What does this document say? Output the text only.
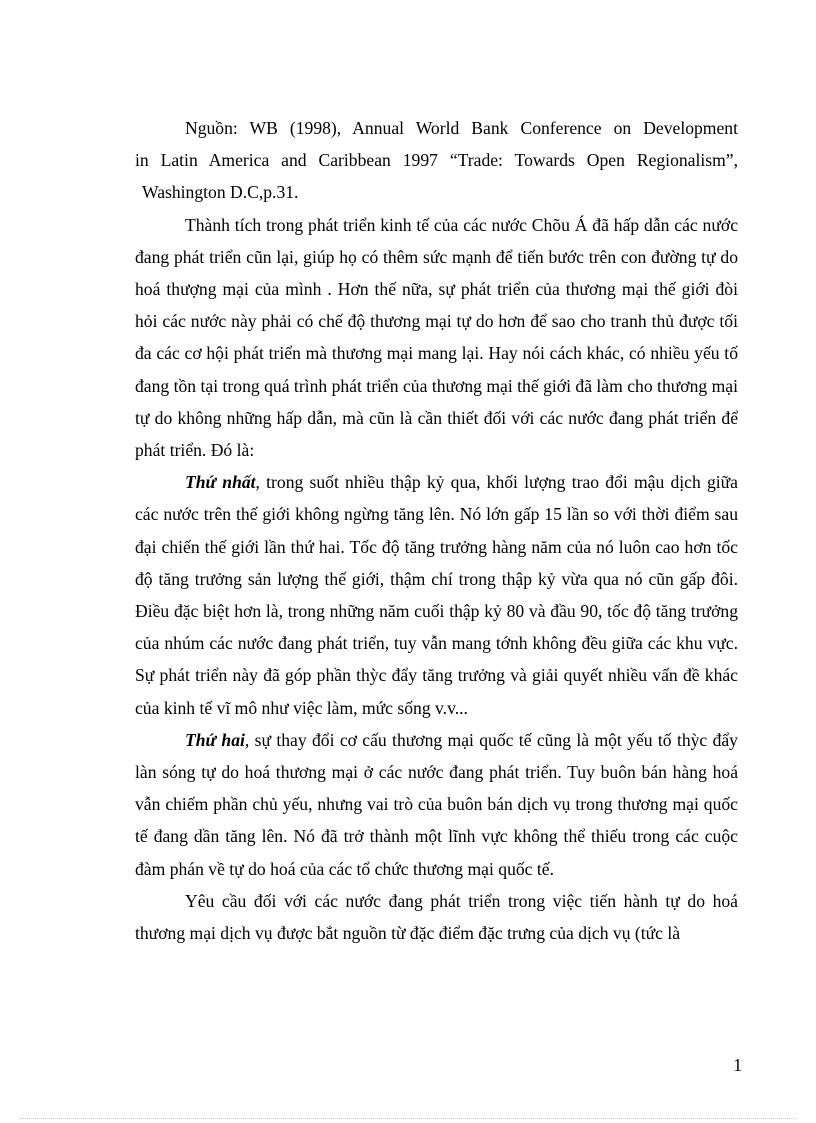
Nguồn: WB (1998), Annual World Bank Conference on Development
in Latin America and Caribbean 1997 “Trade: Towards Open Regionalism”,
Washington D.C,p.31.

Thành tích trong phát triển kinh tế của các nước Chõu Á đã hấp dẫn các nước đang phát triển cũn lại, giúp họ có thêm sức mạnh để tiến bước trên con đường tự do hoá thượng mại của mình . Hơn thế nữa, sự phát triển của thương mại thế giới đòi hỏi các nước này phải có chế độ thương mại tự do hơn để sao cho tranh thủ được tối đa các cơ hội phát triển mà thương mại mang lại. Hay nói cách khác, có nhiều yếu tố đang tồn tại trong quá trình phát triển của thương mại thế giới đã làm cho thương mại tự do không những hấp dẫn, mà cũn là cần thiết đối với các nước đang phát triển để phát triển. Đó là:

Thứ nhất, trong suốt nhiều thập kỷ qua, khối lượng trao đổi mậu dịch giữa các nước trên thế giới không ngừng tăng lên. Nó lớn gấp 15 lần so với thời điểm sau đại chiến thế giới lần thứ hai. Tốc độ tăng trưởng hàng năm của nó luôn cao hơn tốc độ tăng trưởng sản lượng thế giới, thậm chí trong thập kỷ vừa qua nó cũn gấp đôi. Điều đặc biệt hơn là, trong những năm cuối thập kỷ 80 và đầu 90, tốc độ tăng trưởng của nhúm các nước đang phát triển, tuy vẫn mang tớnh không đều giữa các khu vực. Sự phát triển này đã góp phần thỳc đẩy tăng trưởng và giải quyết nhiều vấn đề khác của kinh tế vĩ mô như việc làm, mức sống v.v...

Thứ hai, sự thay đổi cơ cấu thương mại quốc tế cũng là một yếu tố thỳc đẩy làn sóng tự do hoá thương mại ở các nước đang phát triển. Tuy buôn bán hàng hoá vẫn chiếm phần chủ yếu, nhưng vai trò của buôn bán dịch vụ trong thương mại quốc tế đang dần tăng lên. Nó đã trở thành một lĩnh vực không thể thiếu trong các cuộc đàm phán về tự do hoá của các tổ chức thương mại quốc tế.

Yêu cầu đối với các nước đang phát triển trong việc tiến hành tự do hoá thương mại dịch vụ được bắt nguồn từ đặc điểm đặc trưng của dịch vụ (tức là

1
